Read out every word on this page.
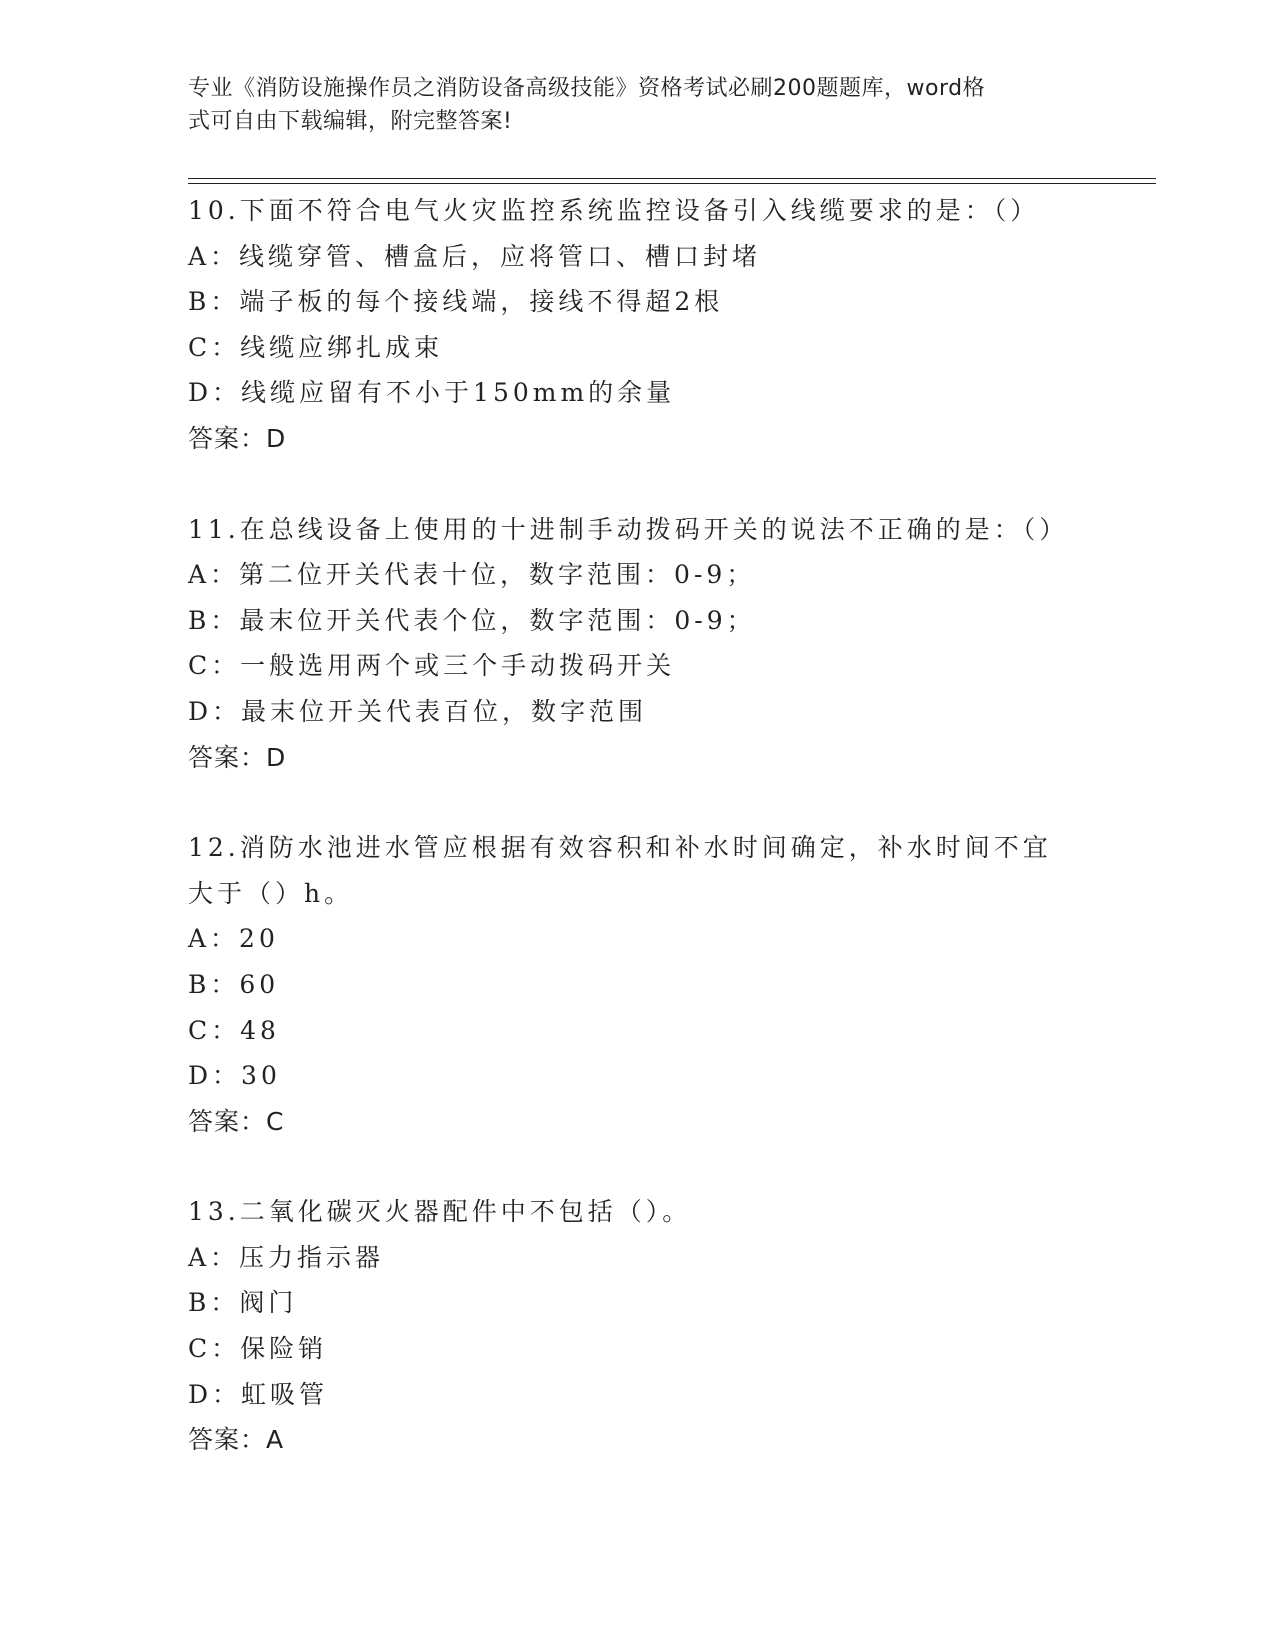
专业《消防设施操作员之消防设备高级技能》资格考试必刷200题题库，word格
式可自由下载编辑，附完整答案!
10.下面不符合电气火灾监控系统监控设备引入线缆要求的是：（）
A：线缆穿管、槽盒后，应将管口、槽口封堵
B：端子板的每个接线端，接线不得超2根
C：线缆应绑扎成束
D：线缆应留有不小于150mm的余量
答案：D
11.在总线设备上使用的十进制手动拨码开关的说法不正确的是：（）
A：第二位开关代表十位，数字范围：0-9；
B：最末位开关代表个位，数字范围：0-9；
C：一般选用两个或三个手动拨码开关
D：最末位开关代表百位，数字范围
答案：D
12.消防水池进水管应根据有效容积和补水时间确定，补水时间不宜大于（）h。
A：20
B：60
C：48
D：30
答案：C
13.二氧化碳灭火器配件中不包括（）。
A：压力指示器
B：阀门
C：保险销
D：虹吸管
答案：A
